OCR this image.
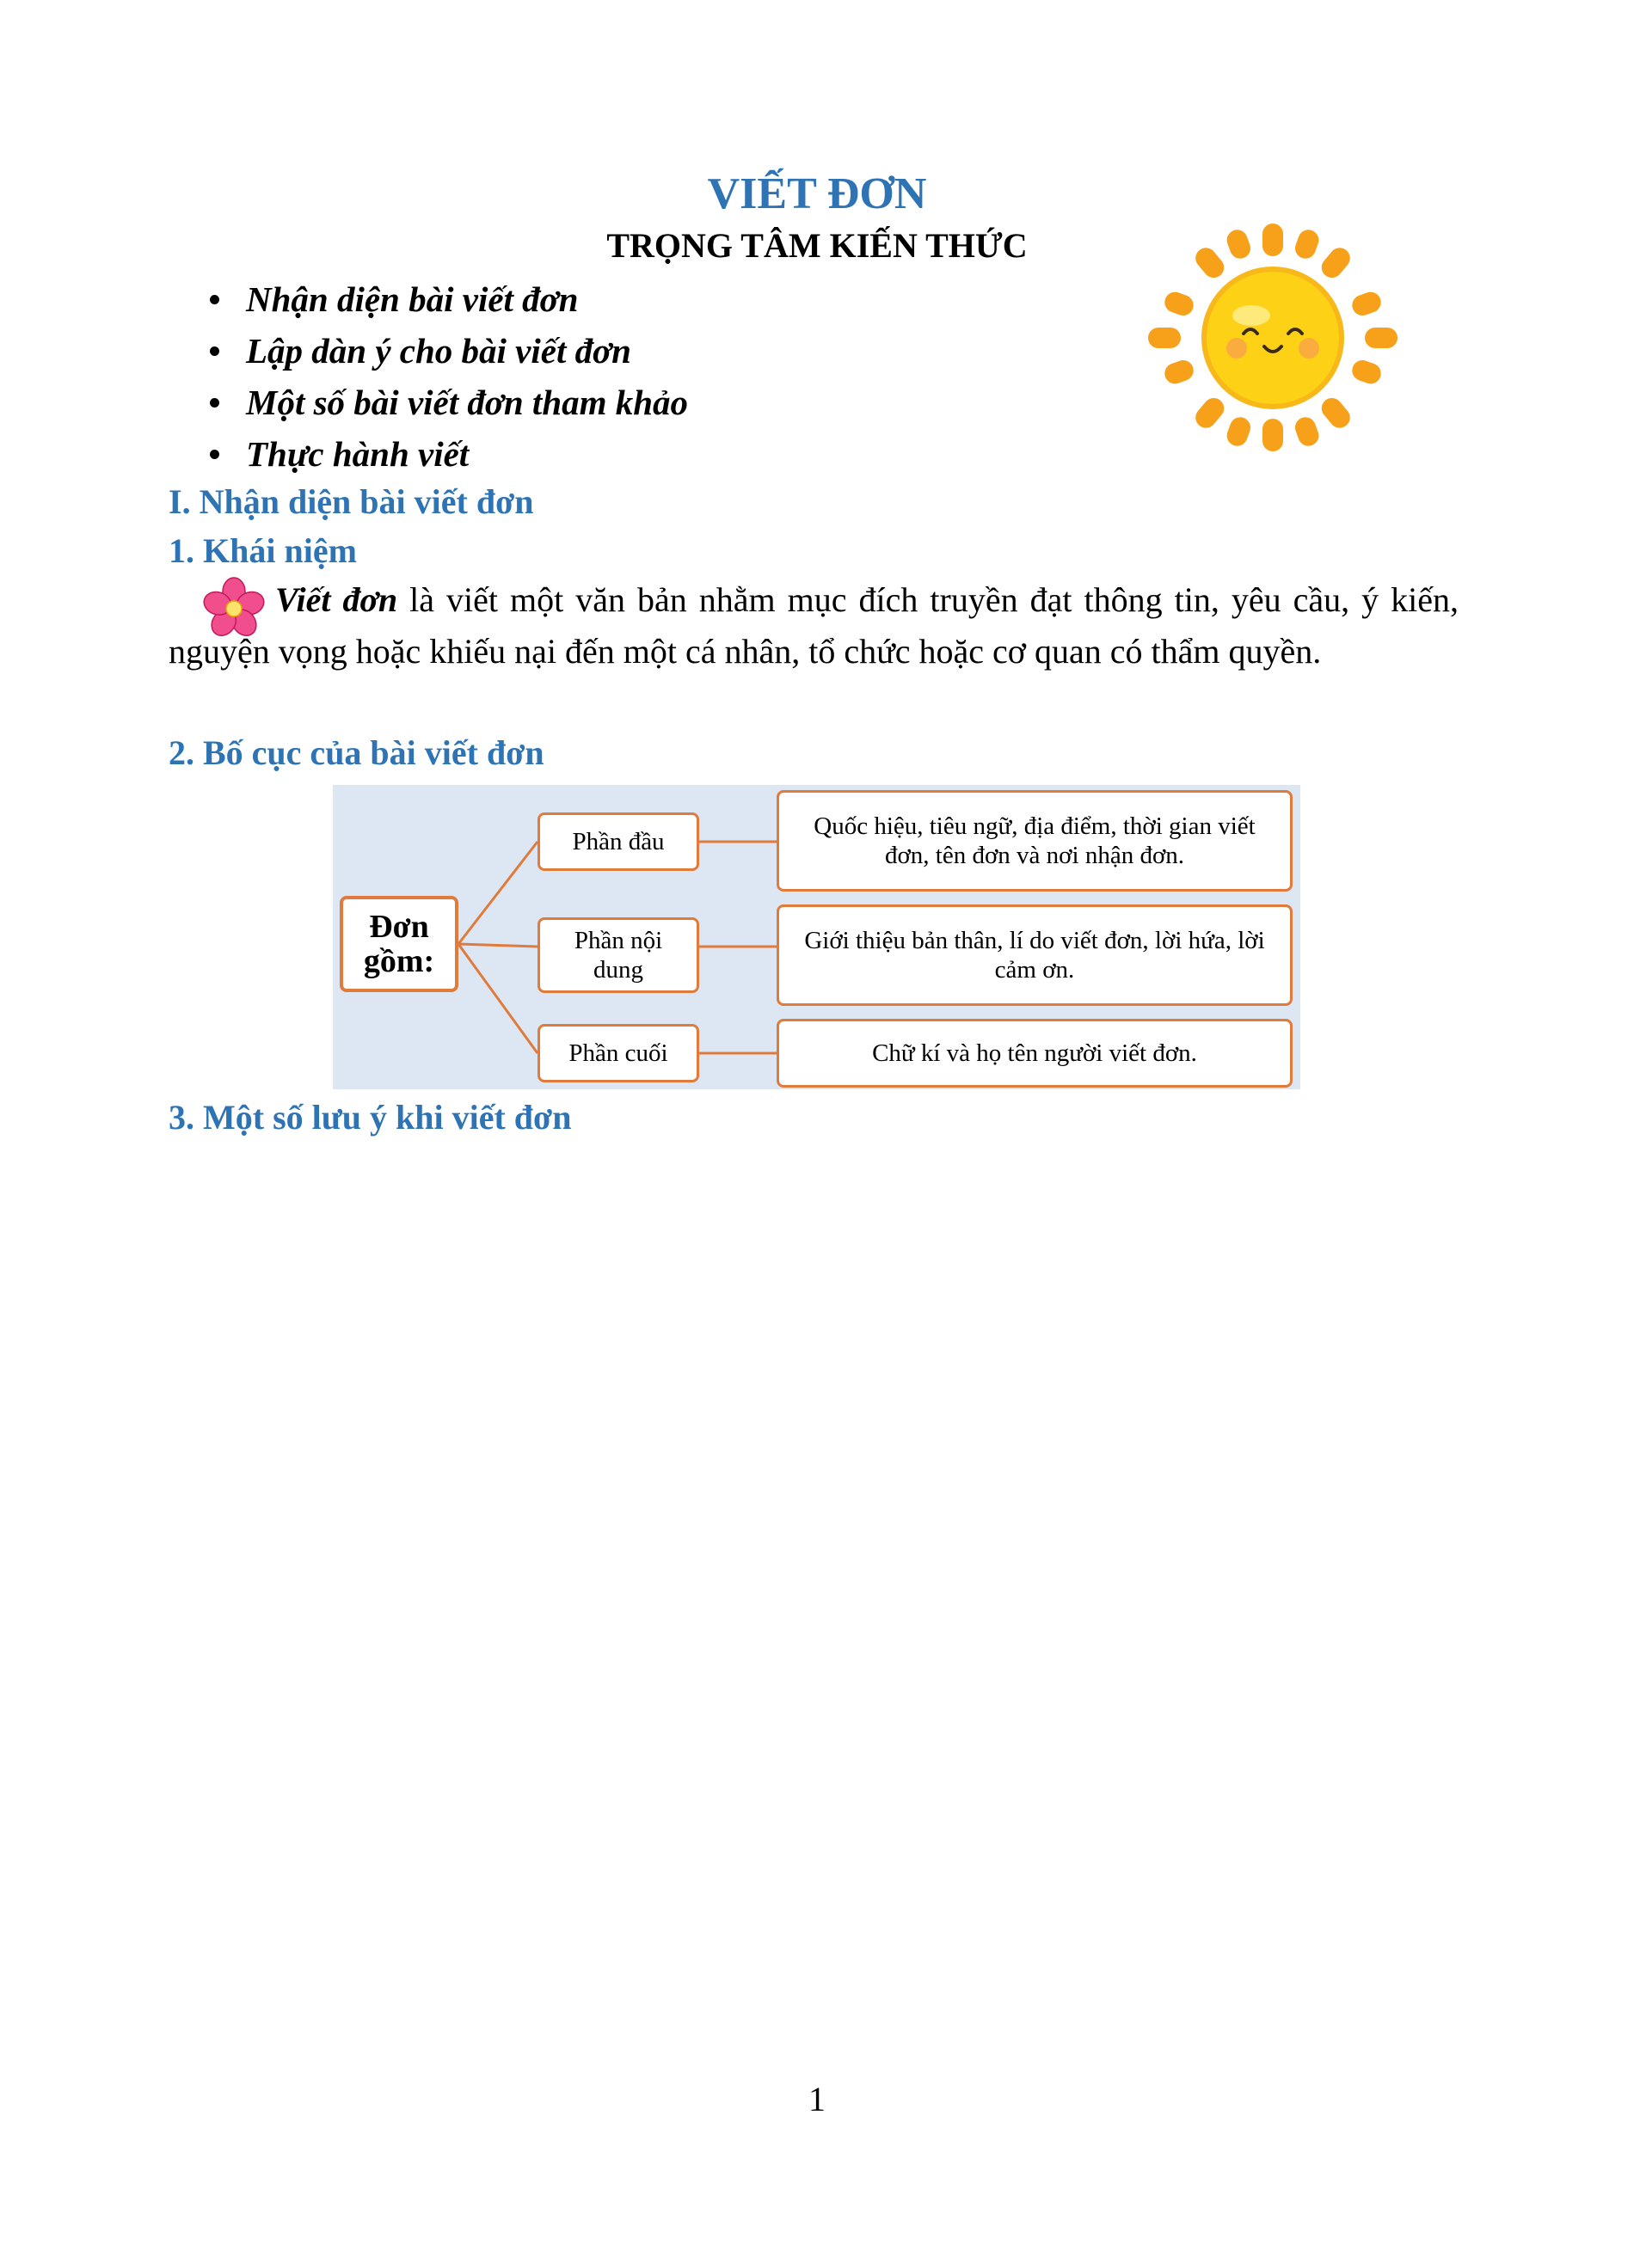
VIẾT ĐƠN
TRỌNG TÂM KIẾN THỨC
Nhận diện bài viết đơn
Lập dàn ý cho bài viết đơn
Một số bài viết đơn tham khảo
Thực hành viết
I. Nhận diện bài viết đơn
1. Khái niệm

Viết đơn là viết một văn bản nhằm mục đích truyền đạt thông tin, yêu cầu, ý kiến, nguyện vọng hoặc khiếu nại đến một cá nhân, tổ chức hoặc cơ quan có thẩm quyền.

2. Bố cục của bài viết đơn
Đơn gồm:
Phần đầu
Phần nội dung
Phần cuối
Quốc hiệu, tiêu ngữ, địa điểm, thời gian viết đơn, tên đơn và nơi nhận đơn.
Giới thiệu bản thân, lí do viết đơn, lời hứa, lời cảm ơn.
Chữ kí và họ tên người viết đơn.
3. Một số lưu ý khi viết đơn
1
